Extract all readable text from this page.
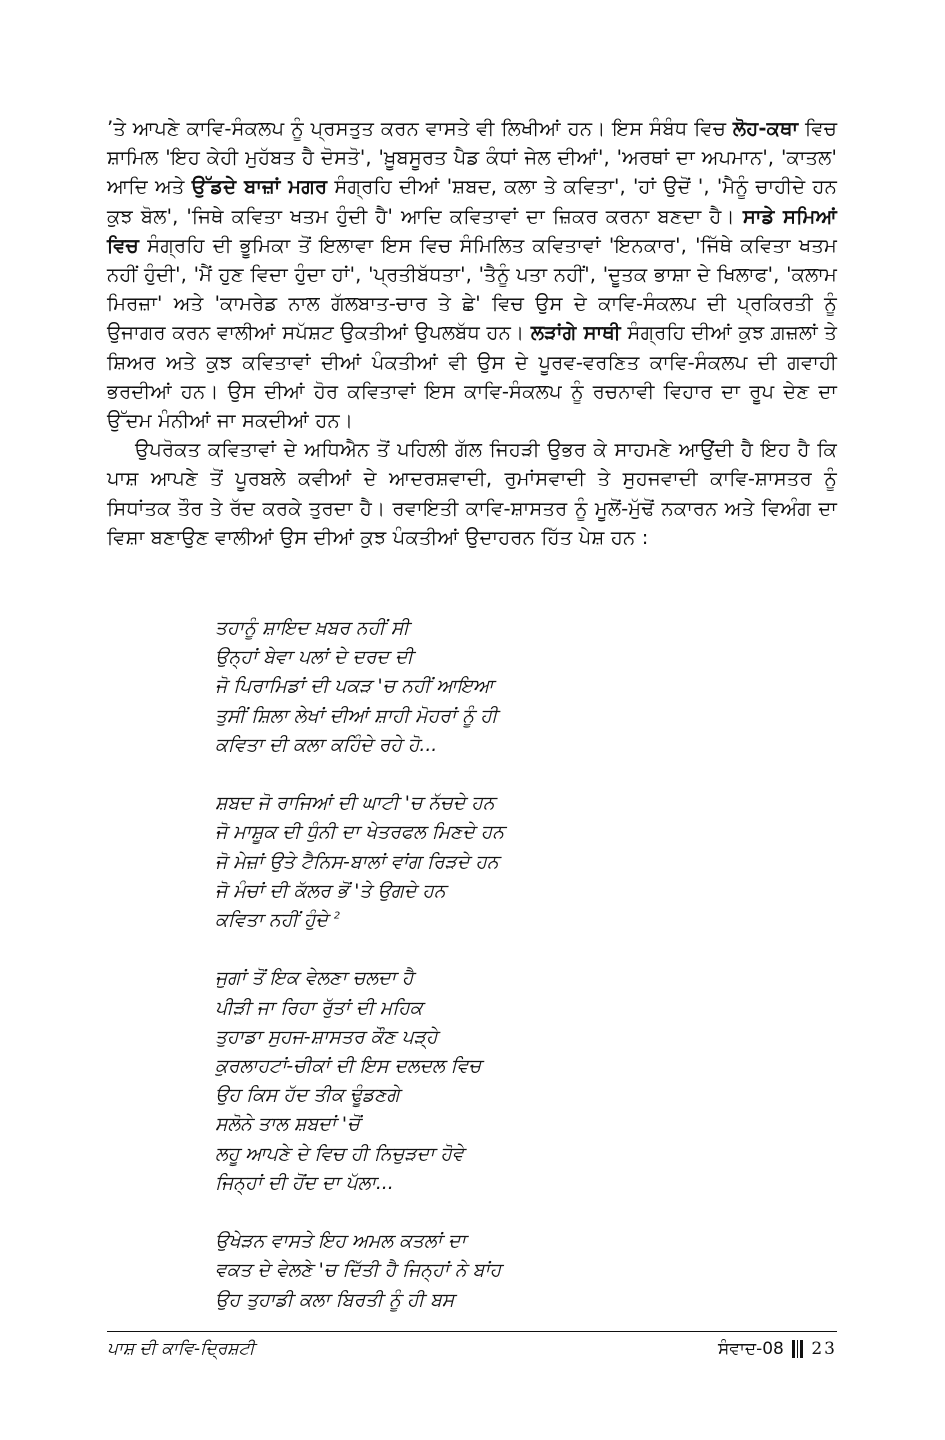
’ਤੇ ਆਪਣੇ ਕਾਵਿ-ਸੰਕਲਪ ਨੂੰ ਪ੍ਰਸਤੁਤ ਕਰਨ ਵਾਸਤੇ ਵੀ ਲਿਖੀਆਂ ਹਨ। ਇਸ ਸੰਬੰਧ ਵਿਚ ਲੋਹ-ਕਥਾ ਵਿਚ ਸ਼ਾਮਿਲ 'ਇਹ ਕੇਹੀ ਮੁਹੱਬਤ ਹੈ ਦੋਸਤੋ', 'ਖ਼ੂਬਸੂਰਤ ਪੈਡ ਕੰਧਾਂ ਜੇਲ ਦੀਆਂ', 'ਅਰਥਾਂ ਦਾ ਅਪਮਾਨ', 'ਕਾਤਲ' ਆਦਿ ਅਤੇ ਉੱਡਦੇ ਬਾਜ਼ਾਂ ਮਗਰ ਸੰਗ੍ਰਹਿ ਦੀਆਂ 'ਸ਼ਬਦ, ਕਲਾ ਤੇ ਕਵਿਤਾ', 'ਹਾਂ ਉਦੋਂ ', 'ਮੈਨੂੰ ਚਾਹੀਦੇ ਹਨ ਕੁਝ ਬੋਲ', 'ਜਿਥੇ ਕਵਿਤਾ ਖਤਮ ਹੁੰਦੀ ਹੈ' ਆਦਿ ਕਵਿਤਾਵਾਂ ਦਾ ਜ਼ਿਕਰ ਕਰਨਾ ਬਣਦਾ ਹੈ। ਸਾਡੇ ਸਮਿਆਂ ਵਿਚ ਸੰਗ੍ਰਹਿ ਦੀ ਭੂਮਿਕਾ ਤੋਂ ਇਲਾਵਾ ਇਸ ਵਿਚ ਸੰਮਿਲਿਤ ਕਵਿਤਾਵਾਂ 'ਇਨਕਾਰ', 'ਜਿੱਥੇ ਕਵਿਤਾ ਖਤਮ ਨਹੀਂ ਹੁੰਦੀ', 'ਮੈਂ ਹੁਣ ਵਿਦਾ ਹੁੰਦਾ ਹਾਂ', 'ਪ੍ਰਤੀਬੱਧਤਾ', 'ਤੈਨੂੰ ਪਤਾ ਨਹੀਂ', 'ਦੂਤਕ ਭਾਸ਼ਾ ਦੇ ਖਿਲਾਫ', 'ਕਲਾਮ ਮਿਰਜ਼ਾ' ਅਤੇ 'ਕਾਮਰੇਡ ਨਾਲ ਗੱਲਬਾਤ-ਚਾਰ ਤੇ ਛੇ' ਵਿਚ ਉਸ ਦੇ ਕਾਵਿ-ਸੰਕਲਪ ਦੀ ਪ੍ਰਕਿਰਤੀ ਨੂੰ ਉਜਾਗਰ ਕਰਨ ਵਾਲੀਆਂ ਸਪੱਸ਼ਟ ਉਕਤੀਆਂ ਉਪਲਬੱਧ ਹਨ। ਲੜਾਂਗੇ ਸਾਥੀ ਸੰਗ੍ਰਹਿ ਦੀਆਂ ਕੁਝ ਗ਼ਜ਼ਲਾਂ ਤੇ ਸ਼ਿਅਰ ਅਤੇ ਕੁਝ ਕਵਿਤਾਵਾਂ ਦੀਆਂ ਪੰਕਤੀਆਂ ਵੀ ਉਸ ਦੇ ਪੂਰਵ-ਵਰਣਿਤ ਕਾਵਿ-ਸੰਕਲਪ ਦੀ ਗਵਾਹੀ ਭਰਦੀਆਂ ਹਨ। ਉਸ ਦੀਆਂ ਹੋਰ ਕਵਿਤਾਵਾਂ ਇਸ ਕਾਵਿ-ਸੰਕਲਪ ਨੂੰ ਰਚਨਾਵੀ ਵਿਹਾਰ ਦਾ ਰੂਪ ਦੇਣ ਦਾ ਉੱਦਮ ਮੰਨੀਆਂ ਜਾ ਸਕਦੀਆਂ ਹਨ।

ਉਪਰੋਕਤ ਕਵਿਤਾਵਾਂ ਦੇ ਅਧਿਐਨ ਤੋਂ ਪਹਿਲੀ ਗੱਲ ਜਿਹੜੀ ਉਭਰ ਕੇ ਸਾਹਮਣੇ ਆਉਂਦੀ ਹੈ ਇਹ ਹੈ ਕਿ ਪਾਸ਼ ਆਪਣੇ ਤੋਂ ਪੂਰਬਲੇ ਕਵੀਆਂ ਦੇ ਆਦਰਸ਼ਵਾਦੀ, ਰੁਮਾਂਸਵਾਦੀ ਤੇ ਸੁਹਜਵਾਦੀ ਕਾਵਿ-ਸ਼ਾਸਤਰ ਨੂੰ ਸਿਧਾਂਤਕ ਤੌਰ ਤੇ ਰੱਦ ਕਰਕੇ ਤੁਰਦਾ ਹੈ। ਰਵਾਇਤੀ ਕਾਵਿ-ਸ਼ਾਸਤਰ ਨੂੰ ਮੂਲੋਂ-ਮੁੱਢੋਂ ਨਕਾਰਨ ਅਤੇ ਵਿਅੰਗ ਦਾ ਵਿਸ਼ਾ ਬਣਾਉਣ ਵਾਲੀਆਂ ਉਸ ਦੀਆਂ ਕੁਝ ਪੰਕਤੀਆਂ ਉਦਾਹਰਨ ਹਿੱਤ ਪੇਸ਼ ਹਨ :

ਤਹਾਨੂੰ ਸ਼ਾਇਦ ਖ਼ਬਰ ਨਹੀਂ ਸੀ
ਉਨ੍ਹਾਂ ਬੇਵਾ ਪਲਾਂ ਦੇ ਦਰਦ ਦੀ
ਜੋ ਪਿਰਾਮਿਡਾਂ ਦੀ ਪਕੜ 'ਚ ਨਹੀਂ ਆਇਆ
ਤੁਸੀਂ ਸ਼ਿਲਾ ਲੇਖਾਂ ਦੀਆਂ ਸ਼ਾਹੀ ਮੋਹਰਾਂ ਨੂੰ ਹੀ
ਕਵਿਤਾ ਦੀ ਕਲਾ ਕਹਿੰਦੇ ਰਹੇ ਹੋ...
ਸ਼ਬਦ ਜੋ ਰਾਜਿਆਂ ਦੀ ਘਾਟੀ 'ਚ ਨੱਚਦੇ ਹਨ
ਜੋ ਮਾਸ਼ੂਕ ਦੀ ਧੁੰਨੀ ਦਾ ਖੇਤਰਫਲ ਮਿਣਦੇ ਹਨ
ਜੋ ਮੇਜ਼ਾਂ ਉਤੇ ਟੈਨਿਸ-ਬਾਲਾਂ ਵਾਂਗ ਰਿੜਦੇ ਹਨ
ਜੋ ਮੰਚਾਂ ਦੀ ਕੱਲਰ ਭੋਂ 'ਤੇ ਉਗਦੇ ਹਨ
ਕਵਿਤਾ ਨਹੀਂ ਹੁੰਦੇ $^2$
ਜੁਗਾਂ ਤੋਂ ਇਕ ਵੇਲਣਾ ਚਲਦਾ ਹੈ
ਪੀੜੀ ਜਾ ਰਿਹਾ ਰੁੱਤਾਂ ਦੀ ਮਹਿਕ
ਤੁਹਾਡਾ ਸੁਹਜ-ਸ਼ਾਸਤਰ ਕੌਣ ਪੜ੍ਹੇ
ਕੁਰਲਾਹਟਾਂ-ਚੀਕਾਂ ਦੀ ਇਸ ਦਲਦਲ ਵਿਚ
ਉਹ ਕਿਸ ਹੱਦ ਤੀਕ ਢੂੰਡਣਗੇ
ਸਲੋਨੇ ਤਾਲ ਸ਼ਬਦਾਂ 'ਚੋਂ
ਲਹੂ ਆਪਣੇ ਦੇ ਵਿਚ ਹੀ ਨਿਚੁੜਦਾ ਹੋਵੇ
ਜਿਨ੍ਹਾਂ ਦੀ ਹੋਂਦ ਦਾ ਪੱਲਾ...
ਉਖੇੜਨ ਵਾਸਤੇ ਇਹ ਅਮਲ ਕਤਲਾਂ ਦਾ
ਵਕਤ ਦੇ ਵੇਲਣੇ 'ਚ ਦਿੱਤੀ ਹੈ ਜਿਨ੍ਹਾਂ ਨੇ ਬਾਂਹ
ਉਹ ਤੁਹਾਡੀ ਕਲਾ ਬਿਰਤੀ ਨੂੰ ਹੀ ਬਸ
ਪਾਸ਼ ਦੀ ਕਾਵਿ-ਦ੍ਰਿਸ਼ਟੀ	ਸੰਵਾਦ-08 23
